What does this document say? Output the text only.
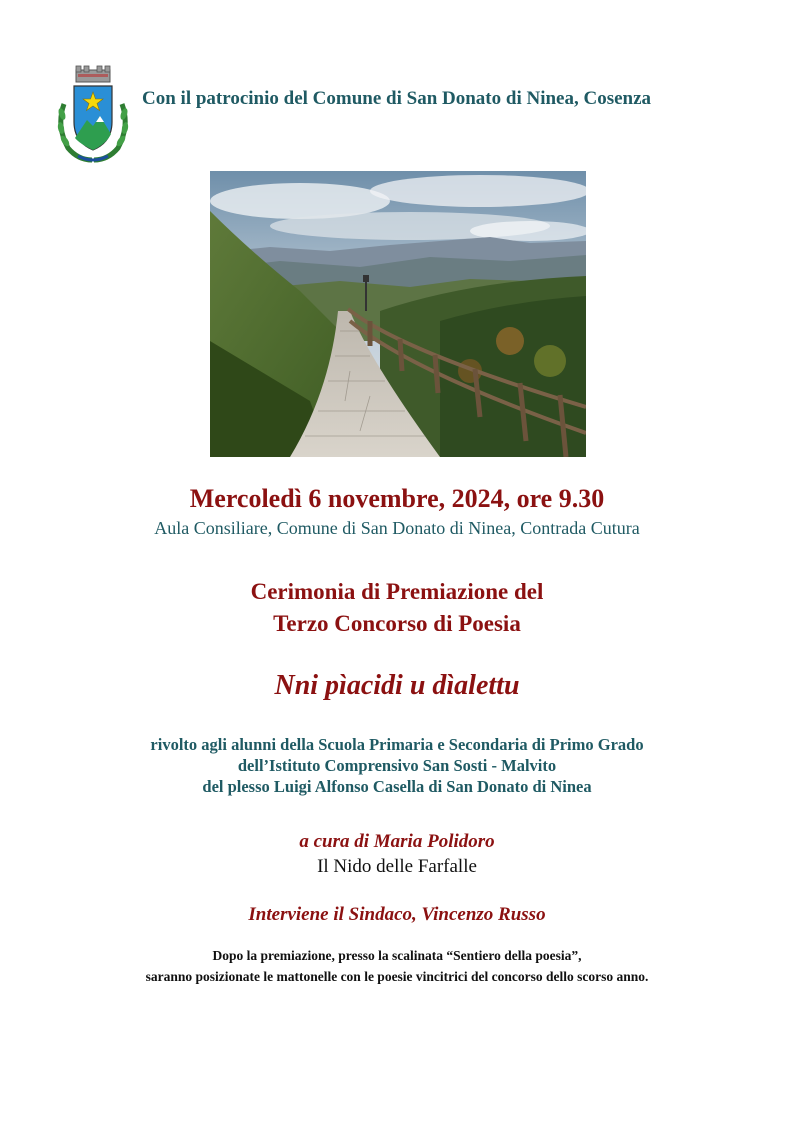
Con il patrocinio del Comune di San Donato di Ninea, Cosenza
Mercoledì 6 novembre, 2024, ore 9.30
Aula Consiliare, Comune di San Donato di Ninea, Contrada Cutura
Cerimonia di Premiazione del
Terzo Concorso di Poesia
Nni pìacidi u dìalettu
rivolto agli alunni della Scuola Primaria e Secondaria di Primo Grado
dell’Istituto Comprensivo San Sosti - Malvito
del plesso Luigi Alfonso Casella di San Donato di Ninea
a cura di Maria Polidoro
Il Nido delle Farfalle
Interviene il Sindaco, Vincenzo Russo
Dopo la premiazione, presso la scalinata “Sentiero della poesia”,
saranno posizionate le mattonelle con le poesie vincitrici del concorso dello scorso anno.
